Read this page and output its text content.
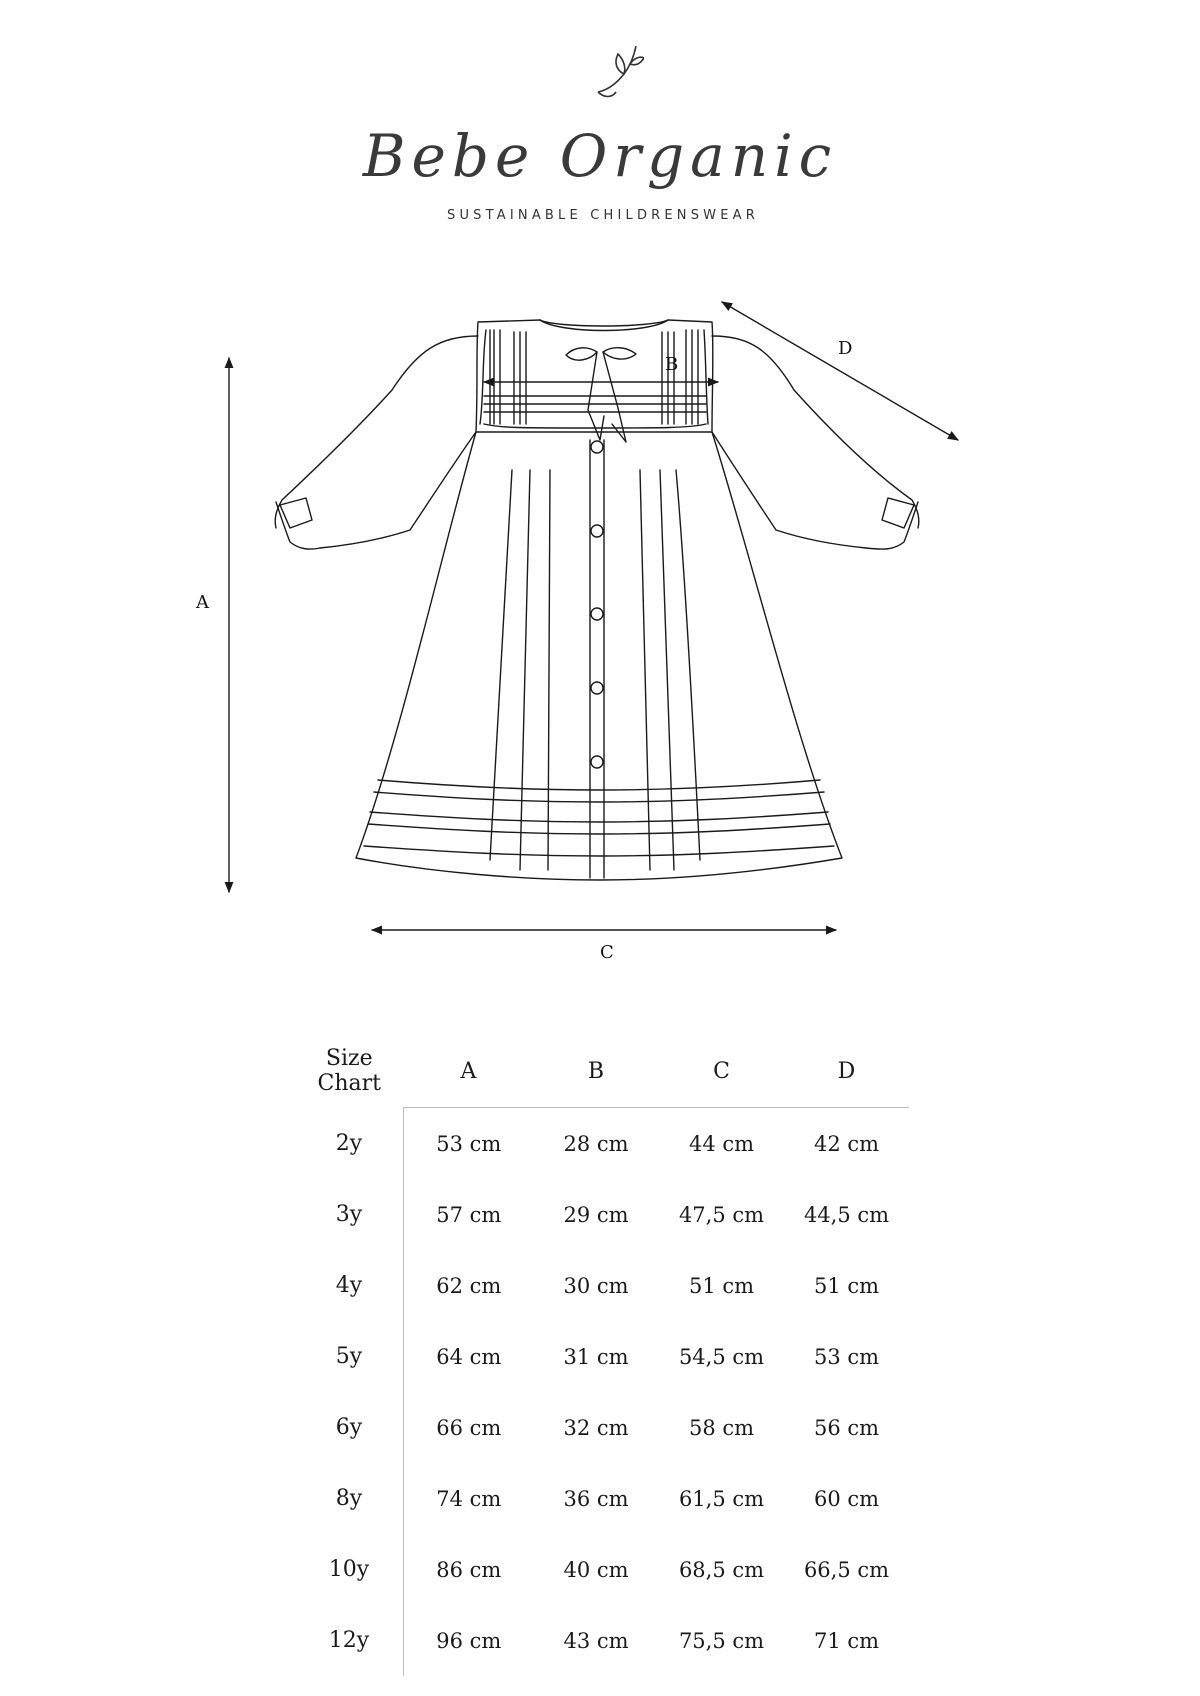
Bebe Organic
SUSTAINABLE CHILDRENSWEAR
A
B
C
D
Size
Chart	A	B	C	D
2y	53 cm	28 cm	44 cm	42 cm
3y	57 cm	29 cm	47,5 cm	44,5 cm
4y	62 cm	30 cm	51 cm	51 cm
5y	64 cm	31 cm	54,5 cm	53 cm
6y	66 cm	32 cm	58 cm	56 cm
8y	74 cm	36 cm	61,5 cm	60 cm
10y	86 cm	40 cm	68,5 cm	66,5 cm
12y	96 cm	43 cm	75,5 cm	71 cm
